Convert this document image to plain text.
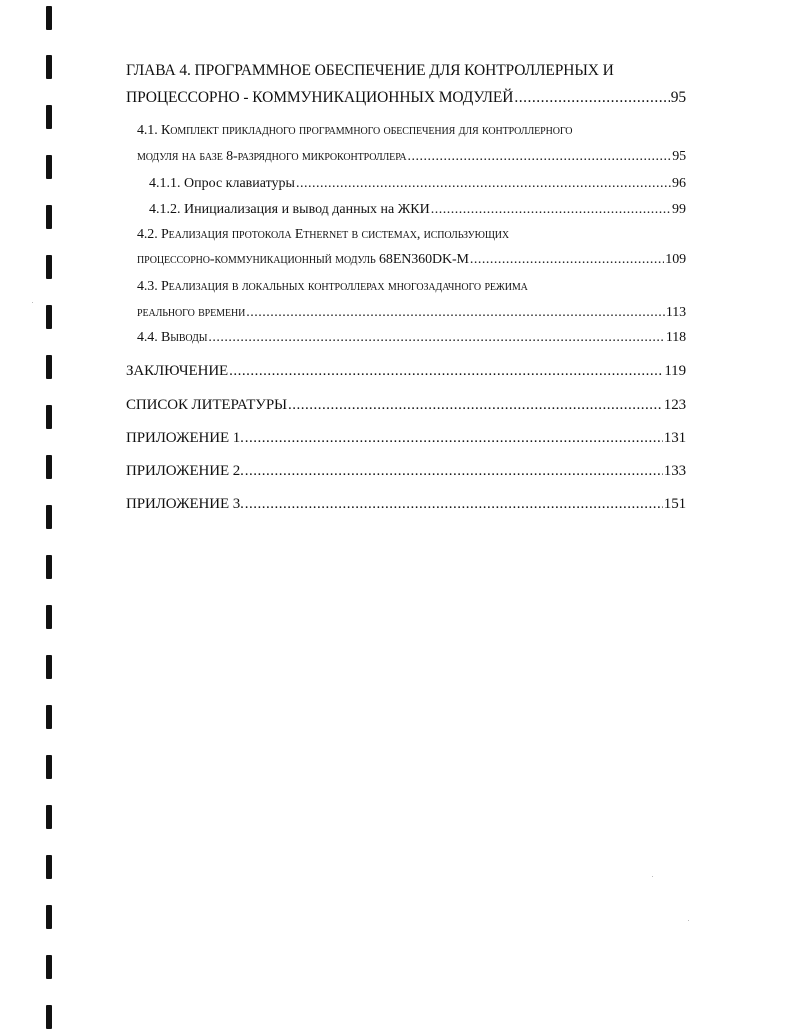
ГЛАВА 4. ПРОГРАММНОЕ ОБЕСПЕЧЕНИЕ ДЛЯ КОНТРОЛЛЕРНЫХ И
ПРОЦЕССОРНО - КОММУНИКАЦИОННЫХ МОДУЛЕЙ .....	95
4.1. Комплект прикладного программного обеспечения для контроллерного
модуля на базе 8-разрядного микроконтроллера .....	95
4.1.1. Опрос клавиатуры .....	96
4.1.2. Инициализация и вывод данных на ЖКИ .....	99
4.2. Реализация протокола Ethernet в системах, использующих
процессорно-коммуникационный модуль 68EN360DK-M .....	109
4.3. Реализация в локальных контроллерах многозадачного режима
реального времени .....	113
4.4. Выводы .....	118
ЗАКЛЮЧЕНИЕ .....	119
СПИСОК ЛИТЕРАТУРЫ .....	123
ПРИЛОЖЕНИЕ 1. .....	131
ПРИЛОЖЕНИЕ 2. .....	133
ПРИЛОЖЕНИЕ 3. .....	151
